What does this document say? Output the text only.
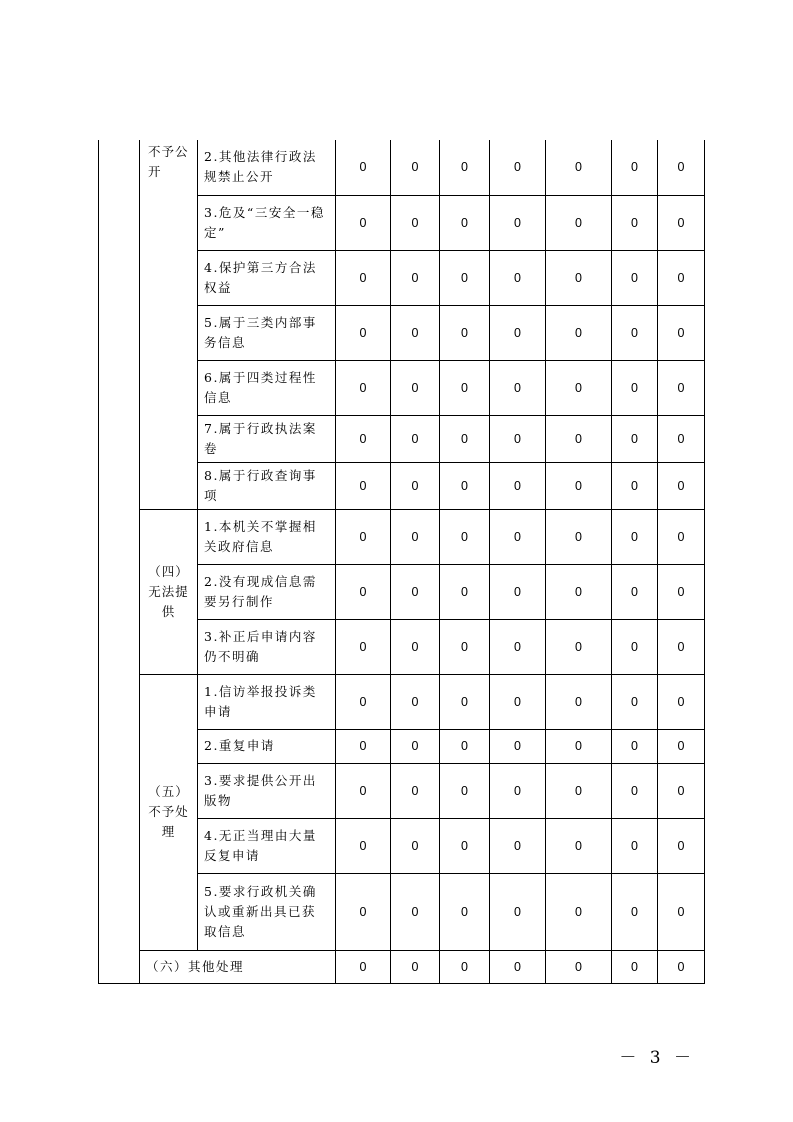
	不予公开	2.其他法律行政法规禁止公开	0	0	0	0	0	0	0
		3.危及“三安全一稳定”	0	0	0	0	0	0	0
		4.保护第三方合法权益	0	0	0	0	0	0	0
		5.属于三类内部事务信息	0	0	0	0	0	0	0
		6.属于四类过程性信息	0	0	0	0	0	0	0
		7.属于行政执法案卷	0	0	0	0	0	0	0
		8.属于行政查询事项	0	0	0	0	0	0	0
	（四）无法提供	1.本机关不掌握相关政府信息	0	0	0	0	0	0	0
		2.没有现成信息需要另行制作	0	0	0	0	0	0	0
		3.补正后申请内容仍不明确	0	0	0	0	0	0	0
	（五）不予处理	1.信访举报投诉类申请	0	0	0	0	0	0	0
		2.重复申请	0	0	0	0	0	0	0
		3.要求提供公开出版物	0	0	0	0	0	0	0
		4.无正当理由大量反复申请	0	0	0	0	0	0	0
		5.要求行政机关确认或重新出具已获取信息	0	0	0	0	0	0	0
	（六）其他处理		0	0	0	0	0	0	0
－ 3 －
